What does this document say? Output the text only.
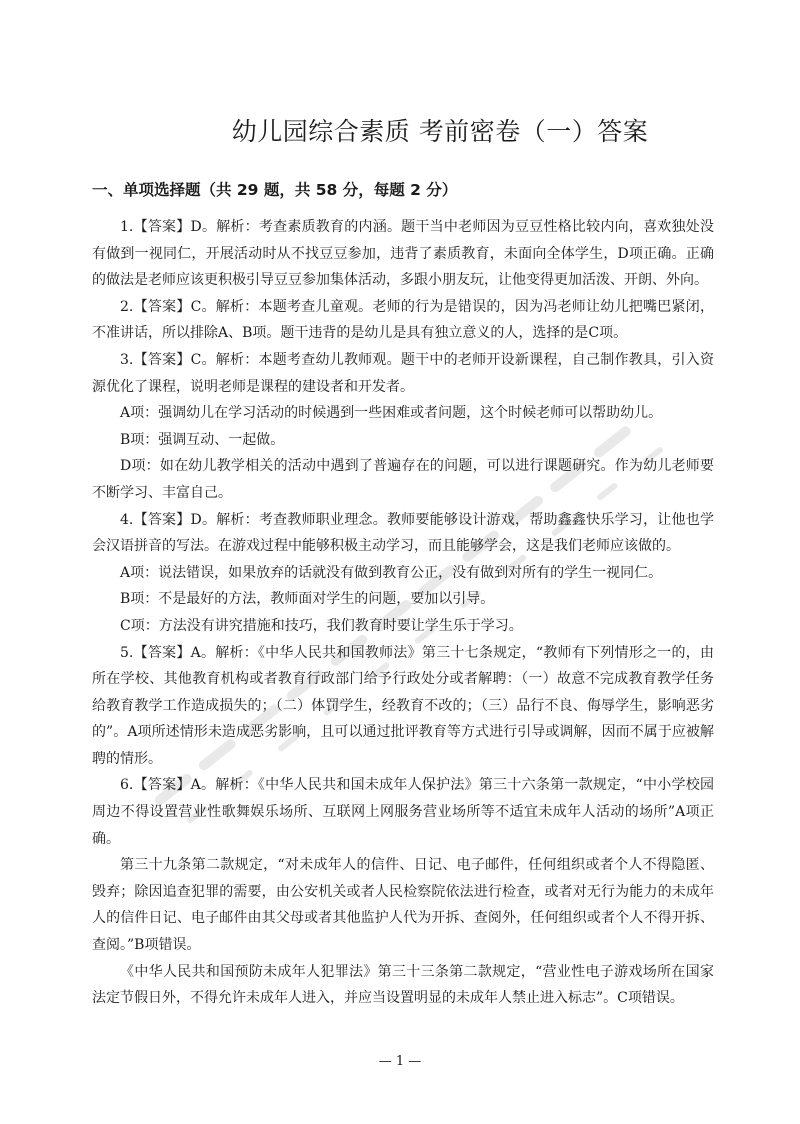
幼儿园综合素质 考前密卷（一）答案
一、单项选择题（共 29 题，共 58 分，每题 2 分）

1.【答案】D。解析：考查素质教育的内涵。题干当中老师因为豆豆性格比较内向，喜欢独处没有做到一视同仁，开展活动时从不找豆豆参加，违背了素质教育，未面向全体学生，D项正确。正确的做法是老师应该更积极引导豆豆参加集体活动，多跟小朋友玩，让他变得更加活泼、开朗、外向。

2.【答案】C。解析：本题考查儿童观。老师的行为是错误的，因为冯老师让幼儿把嘴巴紧闭，不准讲话，所以排除A、B项。题干违背的是幼儿是具有独立意义的人，选择的是C项。

3.【答案】C。解析：本题考查幼儿教师观。题干中的老师开设新课程，自己制作教具，引入资源优化了课程，说明老师是课程的建设者和开发者。

A项：强调幼儿在学习活动的时候遇到一些困难或者问题，这个时候老师可以帮助幼儿。

B项：强调互动、一起做。

D项：如在幼儿教学相关的活动中遇到了普遍存在的问题，可以进行课题研究。作为幼儿老师要不断学习、丰富自己。

4.【答案】D。解析：考查教师职业理念。教师要能够设计游戏，帮助鑫鑫快乐学习，让他也学会汉语拼音的写法。在游戏过程中能够积极主动学习，而且能够学会，这是我们老师应该做的。

A项：说法错误，如果放弃的话就没有做到教育公正，没有做到对所有的学生一视同仁。

B项：不是最好的方法，教师面对学生的问题，要加以引导。

C项：方法没有讲究措施和技巧，我们教育时要让学生乐于学习。

5.【答案】A。解析：《中华人民共和国教师法》第三十七条规定，“教师有下列情形之一的，由所在学校、其他教育机构或者教育行政部门给予行政处分或者解聘：（一）故意不完成教育教学任务给教育教学工作造成损失的；（二）体罚学生，经教育不改的；（三）品行不良、侮辱学生，影响恶劣的”。A项所述情形未造成恶劣影响，且可以通过批评教育等方式进行引导或调解，因而不属于应被解聘的情形。

6.【答案】A。解析：《中华人民共和国未成年人保护法》第三十六条第一款规定，“中小学校园周边不得设置营业性歌舞娱乐场所、互联网上网服务营业场所等不适宜未成年人活动的场所”A项正确。

第三十九条第二款规定，“对未成年人的信件、日记、电子邮件，任何组织或者个人不得隐匿、毁弃；除因追查犯罪的需要，由公安机关或者人民检察院依法进行检查，或者对无行为能力的未成年人的信件日记、电子邮件由其父母或者其他监护人代为开拆、查阅外，任何组织或者个人不得开拆、查阅。”B项错误。

《中华人民共和国预防未成年人犯罪法》第三十三条第二款规定，“营业性电子游戏场所在国家法定节假日外，不得允许未成年人进入，并应当设置明显的未成年人禁止进入标志”。C项错误。

— 1 —
